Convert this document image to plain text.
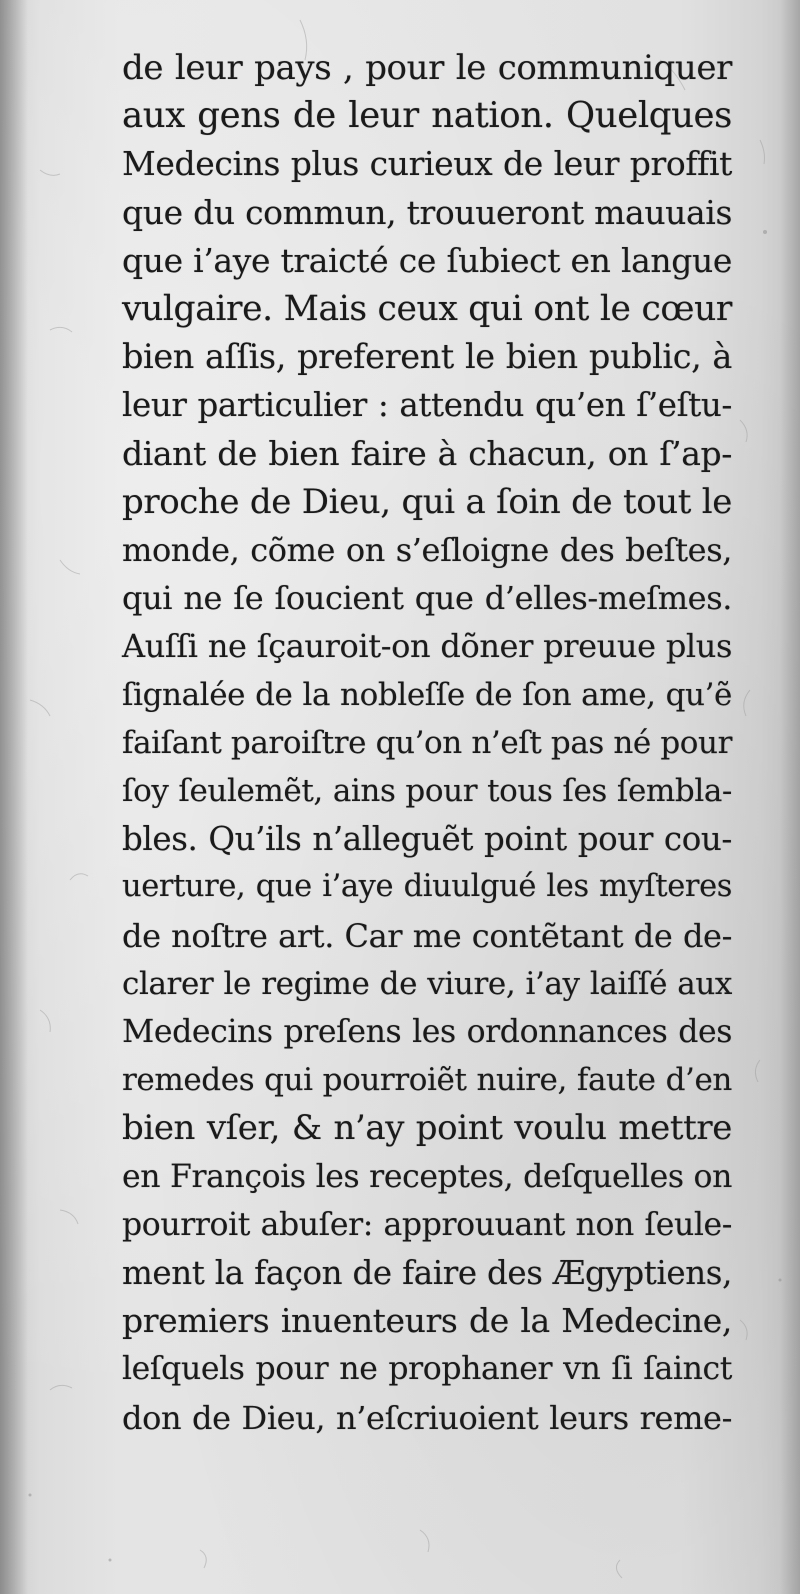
de leur pays , pour le communiquer
aux gens de leur nation. Quelques
Medecins plus curieux de leur proffit
que du commun, trouueront mauuais
que i’aye traicté ce ſubiect en langue
vulgaire. Mais ceux qui ont le cœur
bien aſſis, preferent le bien public, à
leur particulier : attendu qu’en ſ’eſtu-
diant de bien faire à chacun, on ſ’ap-
proche de Dieu, qui a ſoin de tout le
monde, cõme on s’eſloigne des beſtes,
qui ne ſe ſoucient que d’elles-meſmes.
Auſſi ne ſçauroit-on dõner preuue plus
ſignalée de la nobleſſe de ſon ame, qu’ẽ
faiſant paroiſtre qu’on n’eſt pas né pour
ſoy ſeulemẽt, ains pour tous ſes ſembla-
bles. Qu’ils n’alleguẽt point pour cou-
uerture, que i’aye diuulgué les myſteres
de noſtre art. Car me contẽtant de de-
clarer le regime de viure, i’ay laiſſé aux
Medecins preſens les ordonnances des
remedes qui pourroiẽt nuire, faute d’en
bien vſer, & n’ay point voulu mettre
en François les receptes, deſquelles on
pourroit abuſer: approuuant non ſeule-
ment la façon de faire des Ægyptiens,
premiers inuenteurs de la Medecine,
leſquels pour ne prophaner vn ſi ſainct
don de Dieu, n’eſcriuoient leurs reme-
